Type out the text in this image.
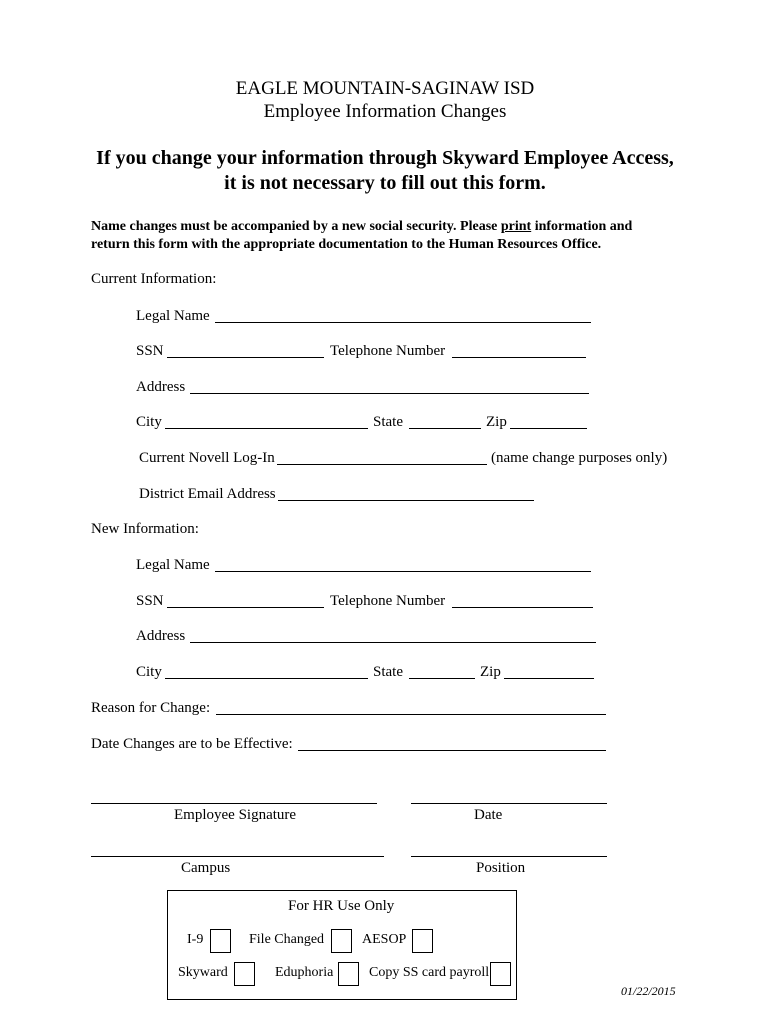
EAGLE MOUNTAIN-SAGINAW ISD
Employee Information Changes
If you change your information through Skyward Employee Access,
it is not necessary to fill out this form.
Name changes must be accompanied by a new social security. Please print information and
return this form with the appropriate documentation to the Human Resources Office.
Current Information:
Legal Name
SSN	Telephone Number
Address
City	State	Zip
Current Novell Log-In	(name change purposes only)
District Email Address
New Information:
Legal Name
SSN	Telephone Number
Address
City	State	Zip
Reason for Change:
Date Changes are to be Effective:
Employee Signature	Date
Campus	Position
For HR Use Only
I-9	File Changed	AESOP
Skyward	Eduphoria	Copy SS card payroll
01/22/2015
